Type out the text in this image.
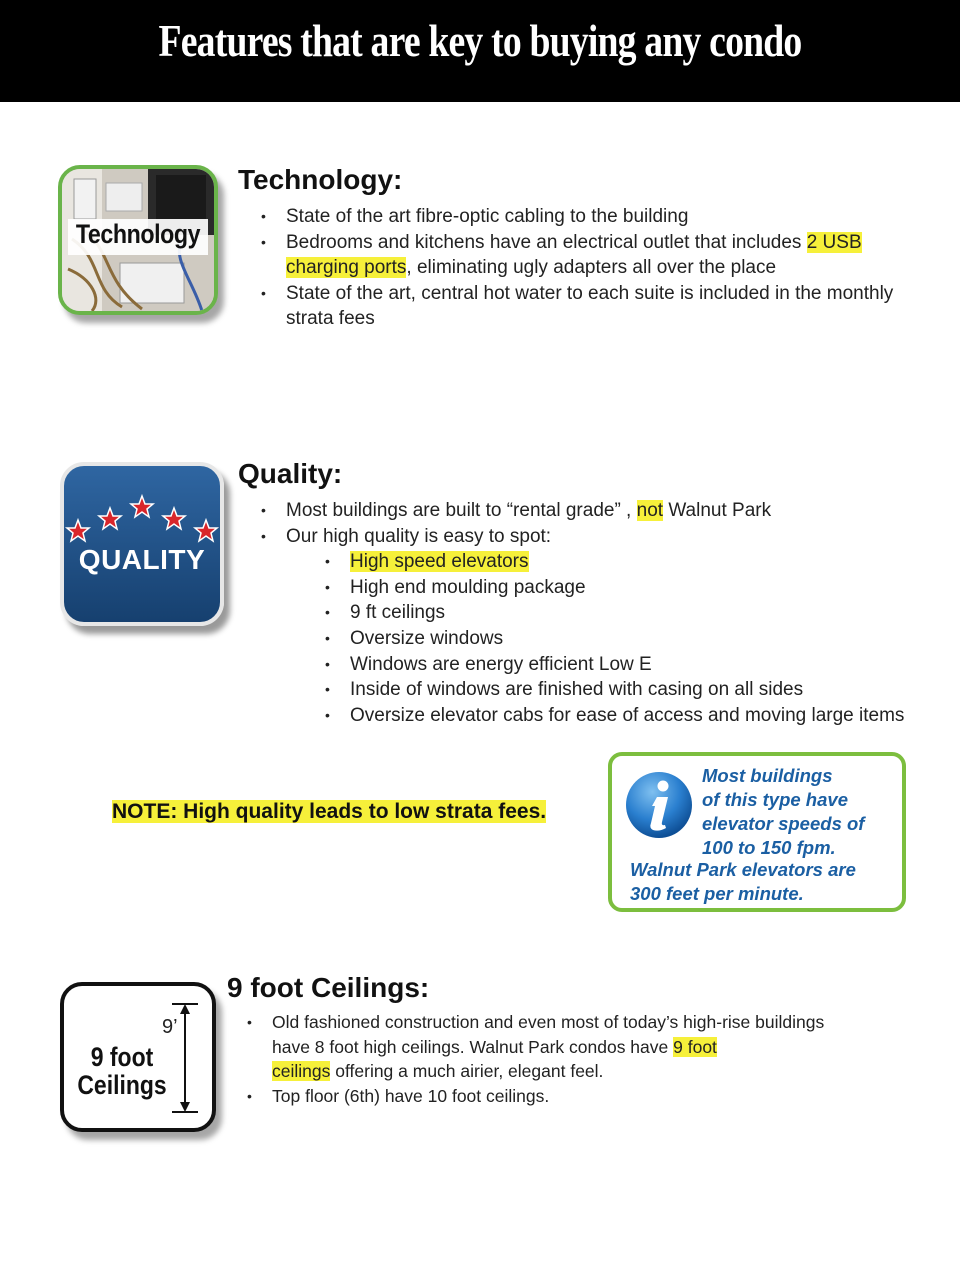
Features that are key to buying any condo
Technology
Technology:
• State of the art fibre-optic cabling to the building
• Bedrooms and kitchens have an electrical outlet that includes 2 USB
charging ports, eliminating ugly adapters all over the place
• State of the art, central hot water to each suite is included in the monthly strata fees
QUALITY
Quality:
• Most buildings are built to “rental grade” , not Walnut Park
• Our high quality is easy to spot:
• High speed elevators
• High end moulding package
• 9 ft ceilings
• Oversize windows
• Windows are energy efficient Low E
• Inside of windows are finished with casing on all sides
• Oversize elevator cabs for ease of access and moving large items

NOTE: High quality leads to low strata fees.

Most buildings

of this type have

elevator speeds of

100 to 150 fpm.

Walnut Park elevators are

300 feet per minute.

9’
9 foot
Ceilings
9 foot Ceilings:
• Old fashioned construction and even most of today’s high-rise buildings have 8 foot high ceilings. Walnut Park condos have 9 foot
ceilings offering a much airier, elegant feel.
• Top floor (6th) have 10 foot ceilings.
